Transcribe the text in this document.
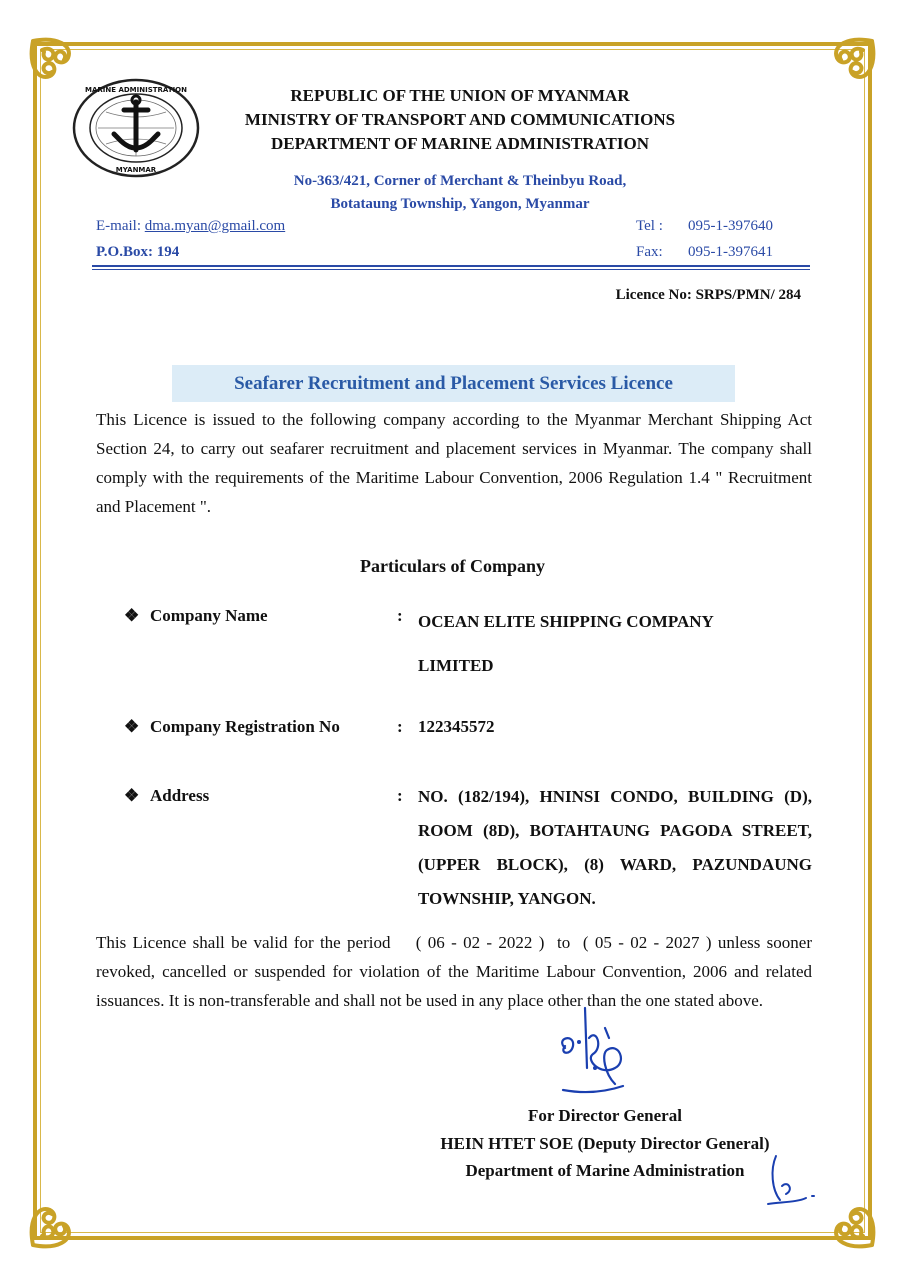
MARINE ADMINISTRATION
MYANMAR
REPUBLIC OF THE UNION OF MYANMAR
MINISTRY OF TRANSPORT AND COMMUNICATIONS
DEPARTMENT OF MARINE ADMINISTRATION
No-363/421, Corner of Merchant & Theinbyu Road,
Botataung Township, Yangon, Myanmar
E-mail: dma.myan@gmail.com
P.O.Box: 194
Tel : 095-1-397640
Fax: 095-1-397641
Licence No: SRPS/PMN/ 284
Seafarer Recruitment and Placement Services Licence
This Licence is issued to the following company according to the Myanmar Merchant Shipping Act Section 24, to carry out seafarer recruitment and placement services in Myanmar. The company shall comply with the requirements of the Maritime Labour Convention, 2006 Regulation 1.4 " Recruitment and Placement ".
Particulars of Company
❖ Company Name	: OCEAN ELITE SHIPPING COMPANY LIMITED
❖ Company Registration No	: 122345572
❖ Address	: NO. (182/194), HNINSI CONDO, BUILDING (D), ROOM (8D), BOTAHTAUNG PAGODA STREET, (UPPER BLOCK), (8) WARD, PAZUNDAUNG TOWNSHIP, YANGON.
This Licence shall be valid for the period    ( 06 - 02 - 2022 )  to  ( 05 - 02 - 2027 ) unless sooner revoked, cancelled or suspended for violation of the Maritime Labour Convention, 2006 and related issuances. It is non-transferable and shall not be used in any place other than the one stated above.
For Director General
HEIN HTET SOE (Deputy Director General)
Department of Marine Administration
